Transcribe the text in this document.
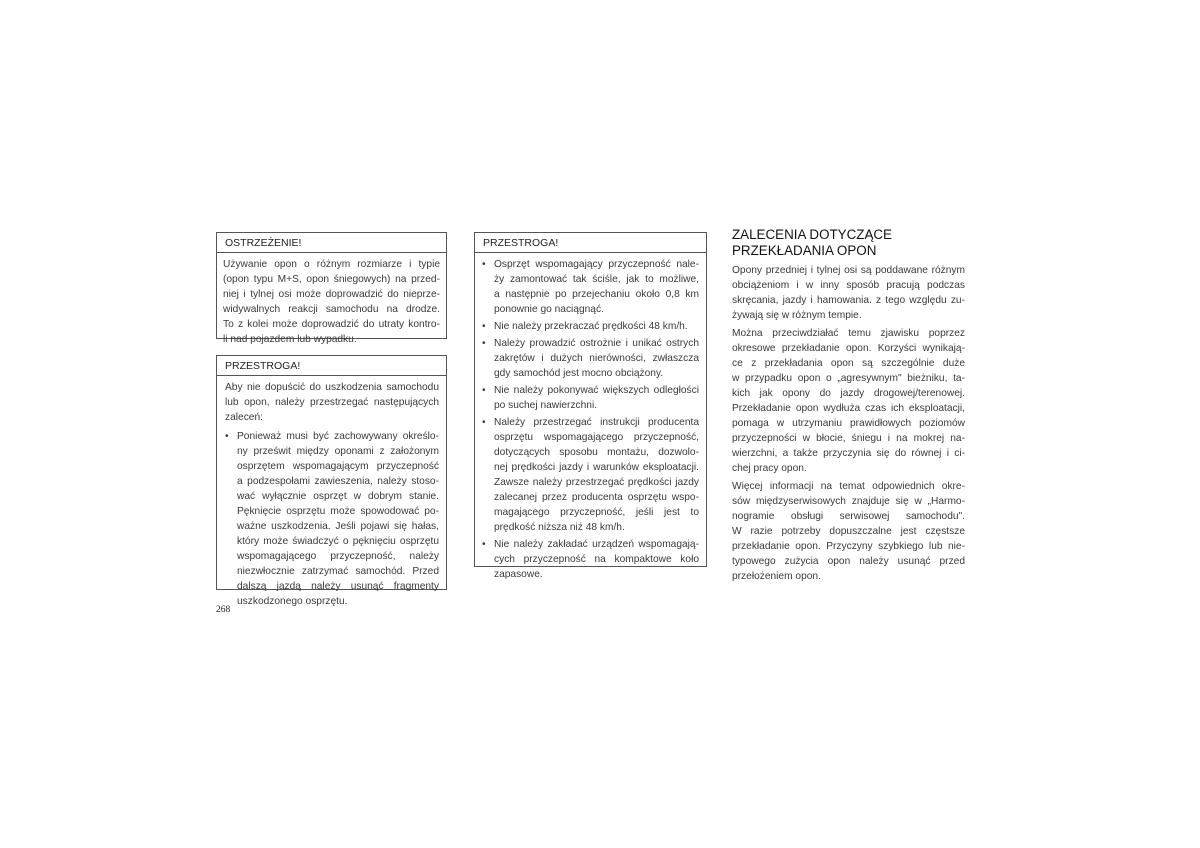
OSTRZEŻENIE!

Używanie opon o różnym rozmiarze i typie

(opon typu M+S, opon śniegowych) na przed-

niej i tylnej osi może doprowadzić do nieprze-

widywalnych reakcji samochodu na drodze.

To z kolei może doprowadzić do utraty kontro-

li nad pojazdem lub wypadku.

PRZESTROGA!

Aby nie dopuścić do uszkodzenia samochodu

lub opon, należy przestrzegać następujących

zaleceń:

• Ponieważ musi być zachowywany określo-
ny prześwit między oponami z założonym
osprzętem wspomagającym przyczepność
a podzespołami zawieszenia, należy stoso-
wać wyłącznie osprzęt w dobrym stanie.
Pęknięcie osprzętu może spowodować po-
ważne uszkodzenia. Jeśli pojawi się hałas,
który może świadczyć o pęknięciu osprzętu
wspomagającego przyczepność, należy
niezwłocznie zatrzymać samochód. Przed
dalszą jazdą należy usunąć fragmenty
uszkodzonego osprzętu.
PRZESTROGA!
• Osprzęt wspomagający przyczepność nale-
ży zamontować tak ściśle, jak to możliwe,
a następnie po przejechaniu około 0,8 km
ponownie go naciągnąć.
• Nie należy przekraczać prędkości 48 km/h.
• Należy prowadzić ostrożnie i unikać ostrych
zakrętów i dużych nierówności, zwłaszcza
gdy samochód jest mocno obciążony.
• Nie należy pokonywać większych odległości
po suchej nawierzchni.
• Należy przestrzegać instrukcji producenta
osprzętu wspomagającego przyczepność,
dotyczących sposobu montażu, dozwolo-
nej prędkości jazdy i warunków eksploatacji.
Zawsze należy przestrzegać prędkości jazdy
zalecanej przez producenta osprzętu wspo-
magającego przyczepność, jeśli jest to
prędkość niższa niż 48 km/h.
• Nie należy zakładać urządzeń wspomagają-
cych przyczepność na kompaktowe koło
zapasowe.
ZALECENIA DOTYCZĄCE
PRZEKŁADANIA OPON
Opony przedniej i tylnej osi są poddawane różnym
obciążeniom i w inny sposób pracują podczas
skręcania, jazdy i hamowania. z tego względu zu-
żywają się w różnym tempie.
Można przeciwdziałać temu zjawisku poprzez
okresowe przekładanie opon. Korzyści wynikają-
ce z przekładania opon są szczególnie duże
w przypadku opon o „agresywnym" bieżniku, ta-
kich jak opony do jazdy drogowej/terenowej.
Przekładanie opon wydłuża czas ich eksploatacji,
pomaga w utrzymaniu prawidłowych poziomów
przyczepności w błocie, śniegu i na mokrej na-
wierzchni, a także przyczynia się do równej i ci-
chej pracy opon.
Więcej informacji na temat odpowiednich okre-
sów międzyserwisowych znajduje się w „Harmo-
nogramie obsługi serwisowej samochodu".
W razie potrzeby dopuszczalne jest częstsze
przekładanie opon. Przyczyny szybkiego lub nie-
typowego zużycia opon należy usunąć przed
przełożeniem opon.
268
